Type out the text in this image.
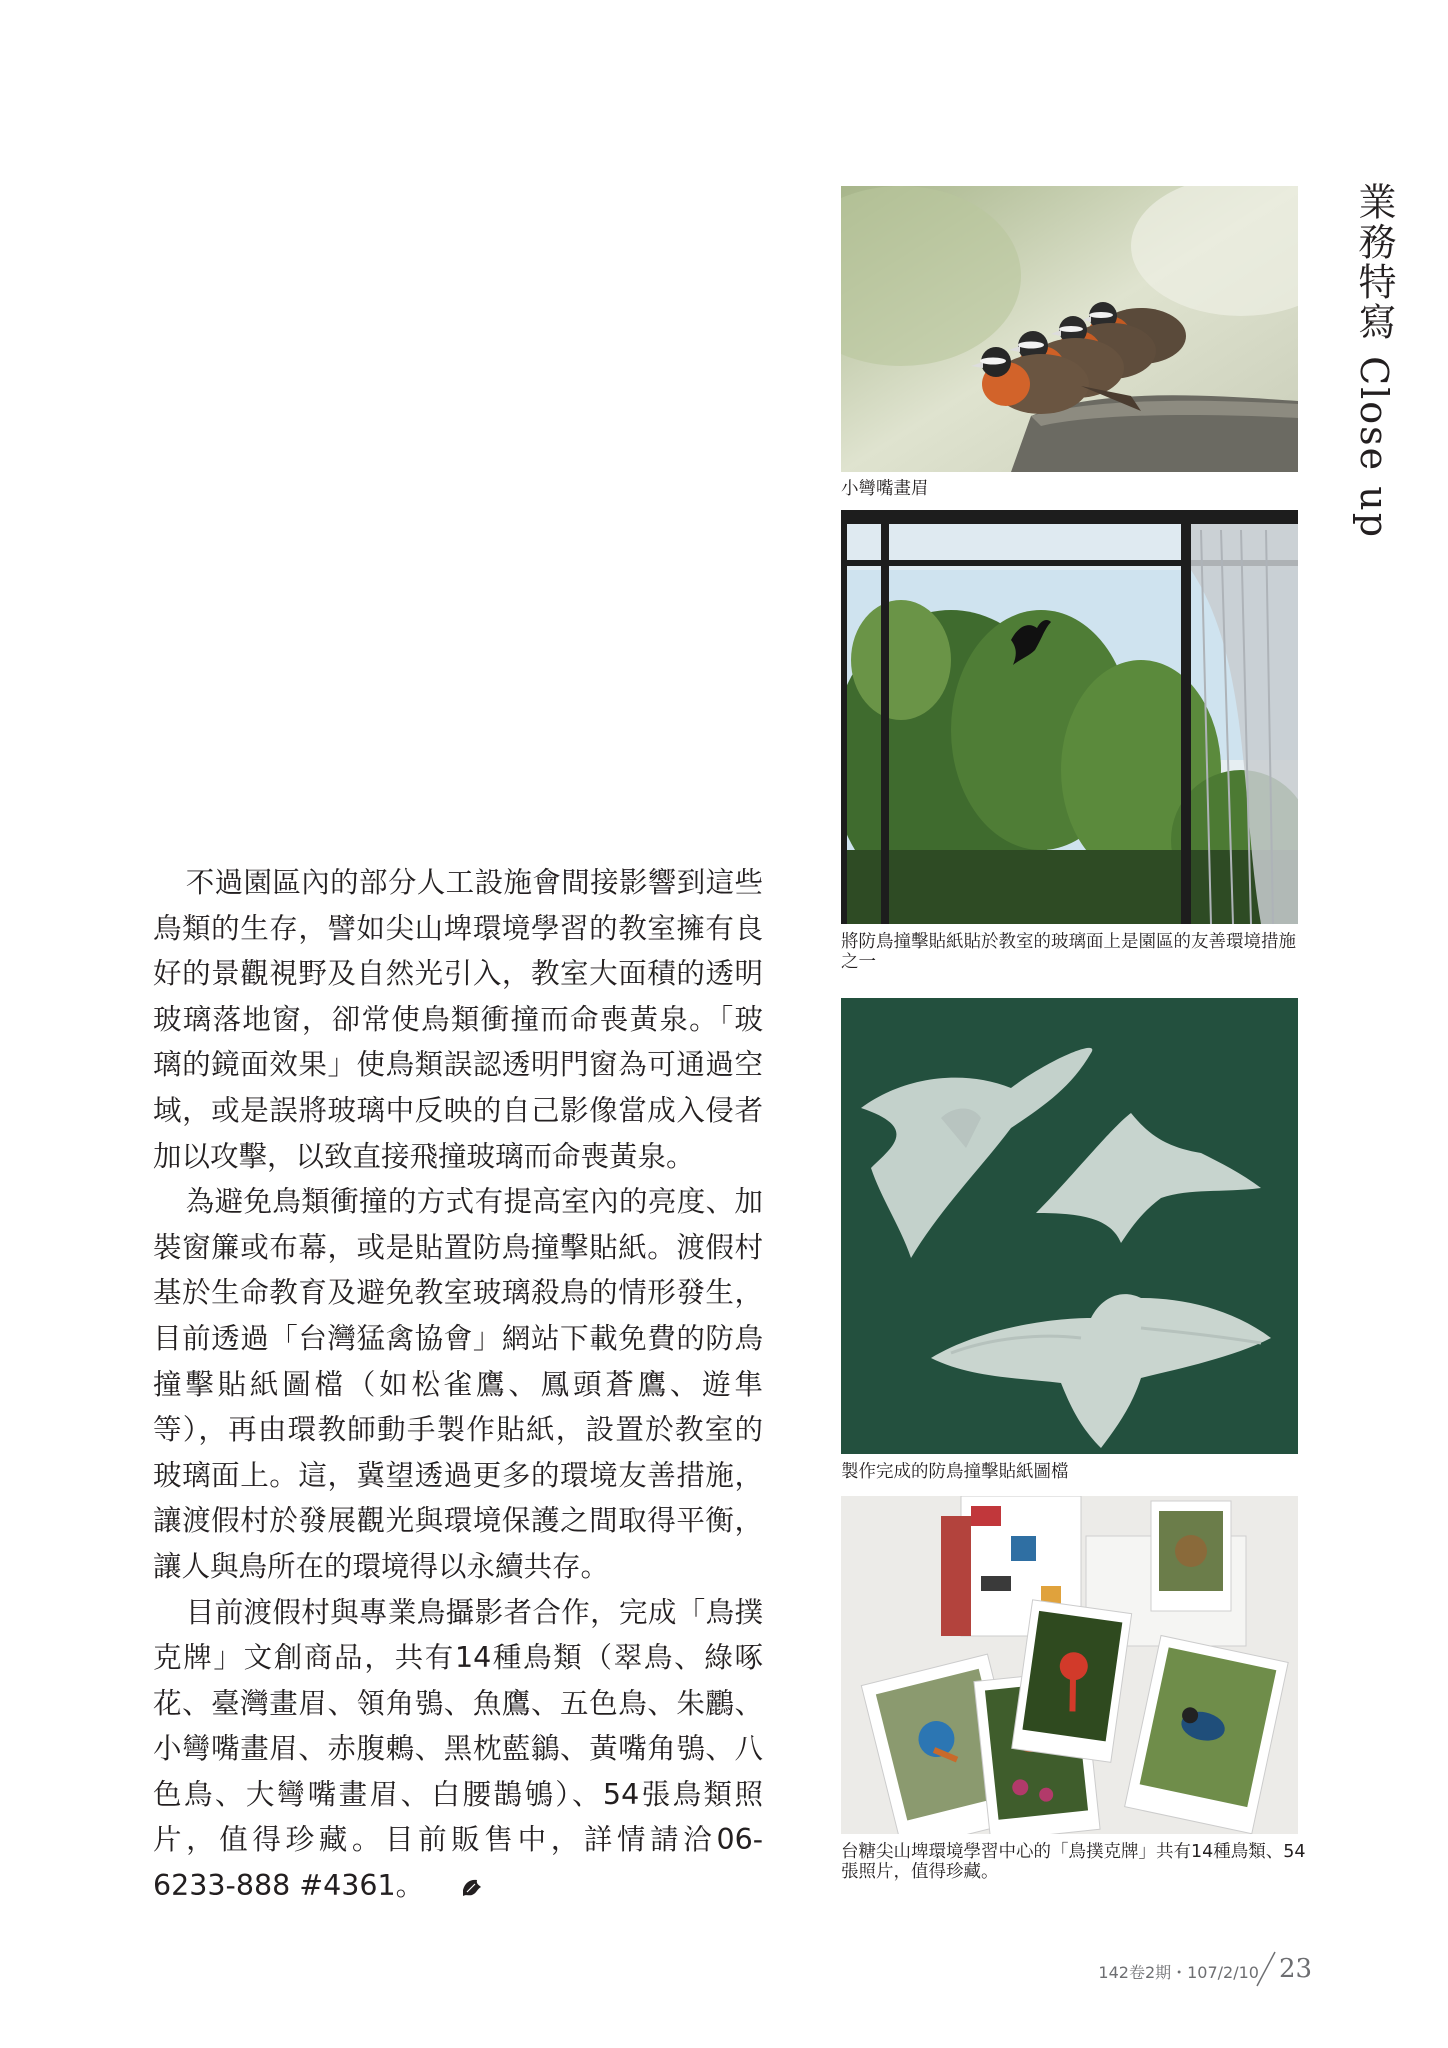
業務特寫 Close up

不過園區內的部分人工設施會間接影響到這些鳥類的生存，譬如尖山埤環境學習的教室擁有良好的景觀視野及自然光引入，教室大面積的透明玻璃落地窗，卻常使鳥類衝撞而命喪黃泉。「玻璃的鏡面效果」使鳥類誤認透明門窗為可通過空域，或是誤將玻璃中反映的自己影像當成入侵者加以攻擊，以致直接飛撞玻璃而命喪黃泉。

為避免鳥類衝撞的方式有提高室內的亮度、加裝窗簾或布幕，或是貼置防鳥撞擊貼紙。渡假村基於生命教育及避免教室玻璃殺鳥的情形發生，目前透過「台灣猛禽協會」網站下載免費的防鳥撞擊貼紙圖檔（如松雀鷹、鳳頭蒼鷹、遊隼等），再由環教師動手製作貼紙，設置於教室的玻璃面上。這，冀望透過更多的環境友善措施，讓渡假村於發展觀光與環境保護之間取得平衡，讓人與鳥所在的環境得以永續共存。

目前渡假村與專業鳥攝影者合作，完成「鳥撲克牌」文創商品，共有14種鳥類（翠鳥、綠啄花、臺灣畫眉、領角鴞、魚鷹、五色鳥、朱鸝、小彎嘴畫眉、赤腹鶇、黑枕藍鶲、黃嘴角鴞、八色鳥、大彎嘴畫眉、白腰鵲鴝）、54張鳥類照片，值得珍藏。目前販售中，詳情請洽06-6233-888 #4361。

小彎嘴畫眉
將防鳥撞擊貼紙貼於教室的玻璃面上是園區的友善環境措施之一
製作完成的防鳥撞擊貼紙圖檔
台糖尖山埤環境學習中心的「鳥撲克牌」共有14種鳥類、54張照片，值得珍藏。
142卷2期・107/2/10 23
